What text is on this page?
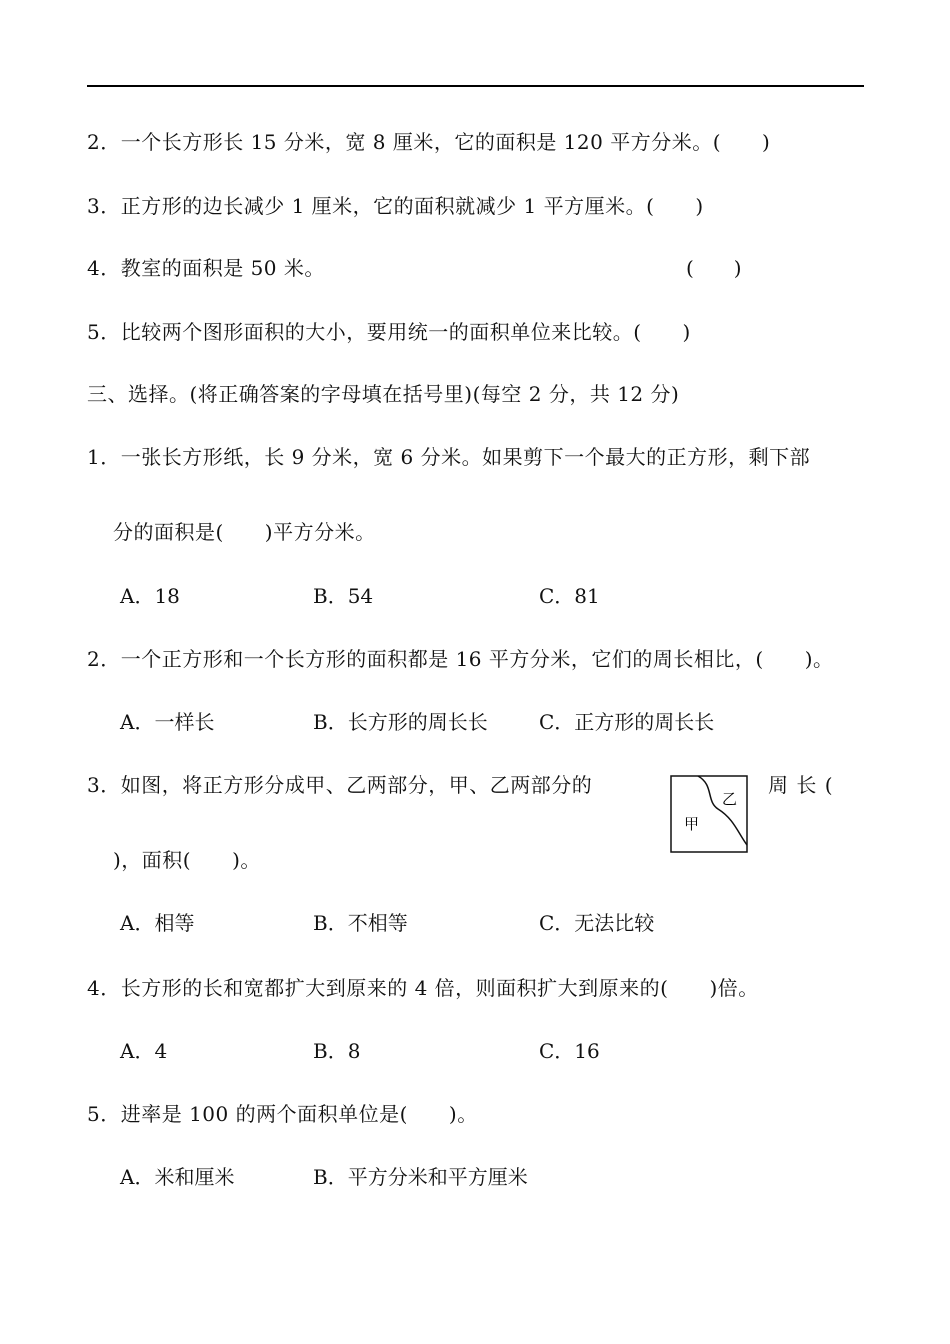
2．一个长方形长 15 分米，宽 8 厘米，它的面积是 120 平方分米。(　　)
3．正方形的边长减少 1 厘米，它的面积就减少 1 平方厘米。(　　)
4．教室的面积是 50 米。	(　　)
5．比较两个图形面积的大小，要用统一的面积单位来比较。(　　)
三、选择。(将正确答案的字母填在括号里)(每空 2 分，共 12 分)
1．一张长方形纸，长 9 分米，宽 6 分米。如果剪下一个最大的正方形，剩下部
分的面积是(　　)平方分米。
A．18	B．54	C．81
2．一个正方形和一个长方形的面积都是 16 平方分米，它们的周长相比，(　　)。
A．一样长	B．长方形的周长长	C．正方形的周长长
3．如图，将正方形分成甲、乙两部分，甲、乙两部分的
甲
乙
周 长 (
)，面积(　　)。
A．相等	B．不相等	C．无法比较
4．长方形的长和宽都扩大到原来的 4 倍，则面积扩大到原来的(　　)倍。
A．4	B．8	C．16
5．进率是 100 的两个面积单位是(　　)。
A．米和厘米	B．平方分米和平方厘米
